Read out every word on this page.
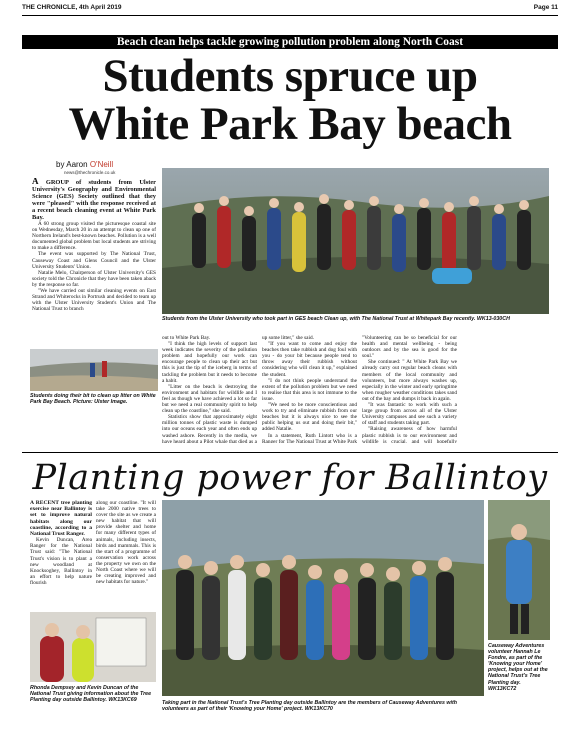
THE CHRONICLE, 4th April 2019	Page 11
Beach clean helps tackle growing pollution problem along North Coast
Students spruce up
White Park Bay beach
by Aaron O'Neill
news@thechronicle.co.uk

A GROUP of students from Ulster University's Geography and Environmental Science (GES) Society outlined that they were "pleased" with the response received at a recent beach cleaning event at White Park Bay.

A 60 strong group visited the picturesque coastal site on Wednesday, March 20 in an attempt to clean up one of Northern Ireland's best-known beaches. Pollution is a well documented global problem but local students are striving to make a difference.

The event was supported by The National Trust, Causeway Coast and Glens Council and the Ulster University Students' Union.

Natalie Melo, Chairperson of Ulster University's GES society told the Chronicle that they have been taken aback by the response so far.

"We have carried out similar cleaning events on East Strand and Whiterocks in Portrush and decided to team up with the Ulster University Student's Union and The National Trust to branch

Students from the Ulster University who took part in GES beach Clean up, with The National Trust at Whitepark Bay recently. WK13-030CH
Students doing their bit to clean up litter on White Park Bay Beach. Picture: Ulster Image.

out to White Park Bay.

"I think the high levels of support last week indicates the severity of the pollution problem and hopefully our work can encourage people to clean up their act but this is just the tip of the iceberg in terms of tackling the problem but it needs to become a habit.

"Litter on the beach is destroying the environment and habitats for wildlife and I feel as though we have achieved a lot so far but we need a real community spirit to help clean up the coastline," she said.

Statistics show that approximately eight million tonnes of plastic waste is dumped into our oceans each year and often ends up washed ashore. Recently in the media, we have heard about a Pilot whale that died as a

up some litter," she said.

"If you want to come and enjoy the beaches then take rubbish and dog foul with you - do your bit because people tend to throw away their rubbish without considering who will clean it up," explained the student.

"I do not think people understand the extent of the pollution problem but we need to realise that this area is not immune to the issue.

"We need to be more conscientious and work to try and eliminate rubbish from our beaches but it is always nice to see the public helping us out and doing their bit," added Natalie.

In a statement, Ruth Lintott who is a Ranger for The National Trust at White Park

"Volunteering can be so beneficial for our health and mental wellbeing - being outdoors and by the sea is good for the soul."

She continued: " At White Park Bay we already carry out regular beach cleans with members of the local community and volunteers, but more always washes up, especially in the winter and early springtime when rougher weather conditions takes sand out of the bay and dumps it back in again.

"It was fantastic to work with such a large group from across all of the Ulster University campuses and see such a variety of staff and students taking part.

"Raising awareness of how harmful plastic rubbish is to our environment and wildlife is crucial, and will hopefully

Planting power for Ballintoy

A RECENT tree planting exercise near Ballintoy is set to improve natural habitats along our coastline, according to a National Trust Ranger.

Kevin Duncan, Area Ranger for the National Trust said: "The National Trust's vision is to plant a new woodland at Knocksoghey, Ballintoy in an effort to help nature flourish

along our coastline. "It will take 2000 native trees to cover the site as we create a new habitat that will provide shelter and home for many different types of animals, including insects, birds and mammals. This is the start of a programme of conservation work across the property we own on the North Coast where we will be creating improved and new habitats for nature."

Rhonda Dempsey and Kevin Duncan of the National Trust giving information about the Tree Planting day outside Ballintoy. WK13KC69	Taking part in the National Trust's Tree Planting day outside Ballintoy are the members of Causeway Adventures with volunteers as part of their 'Knowing your Home' project. WK13KC70
Causeway Adventures volunteer Hannah Le Fondre, as part of the 'Knowing your Home' project, helps out at the National Trust's Tree Planting day. WK13KC72
